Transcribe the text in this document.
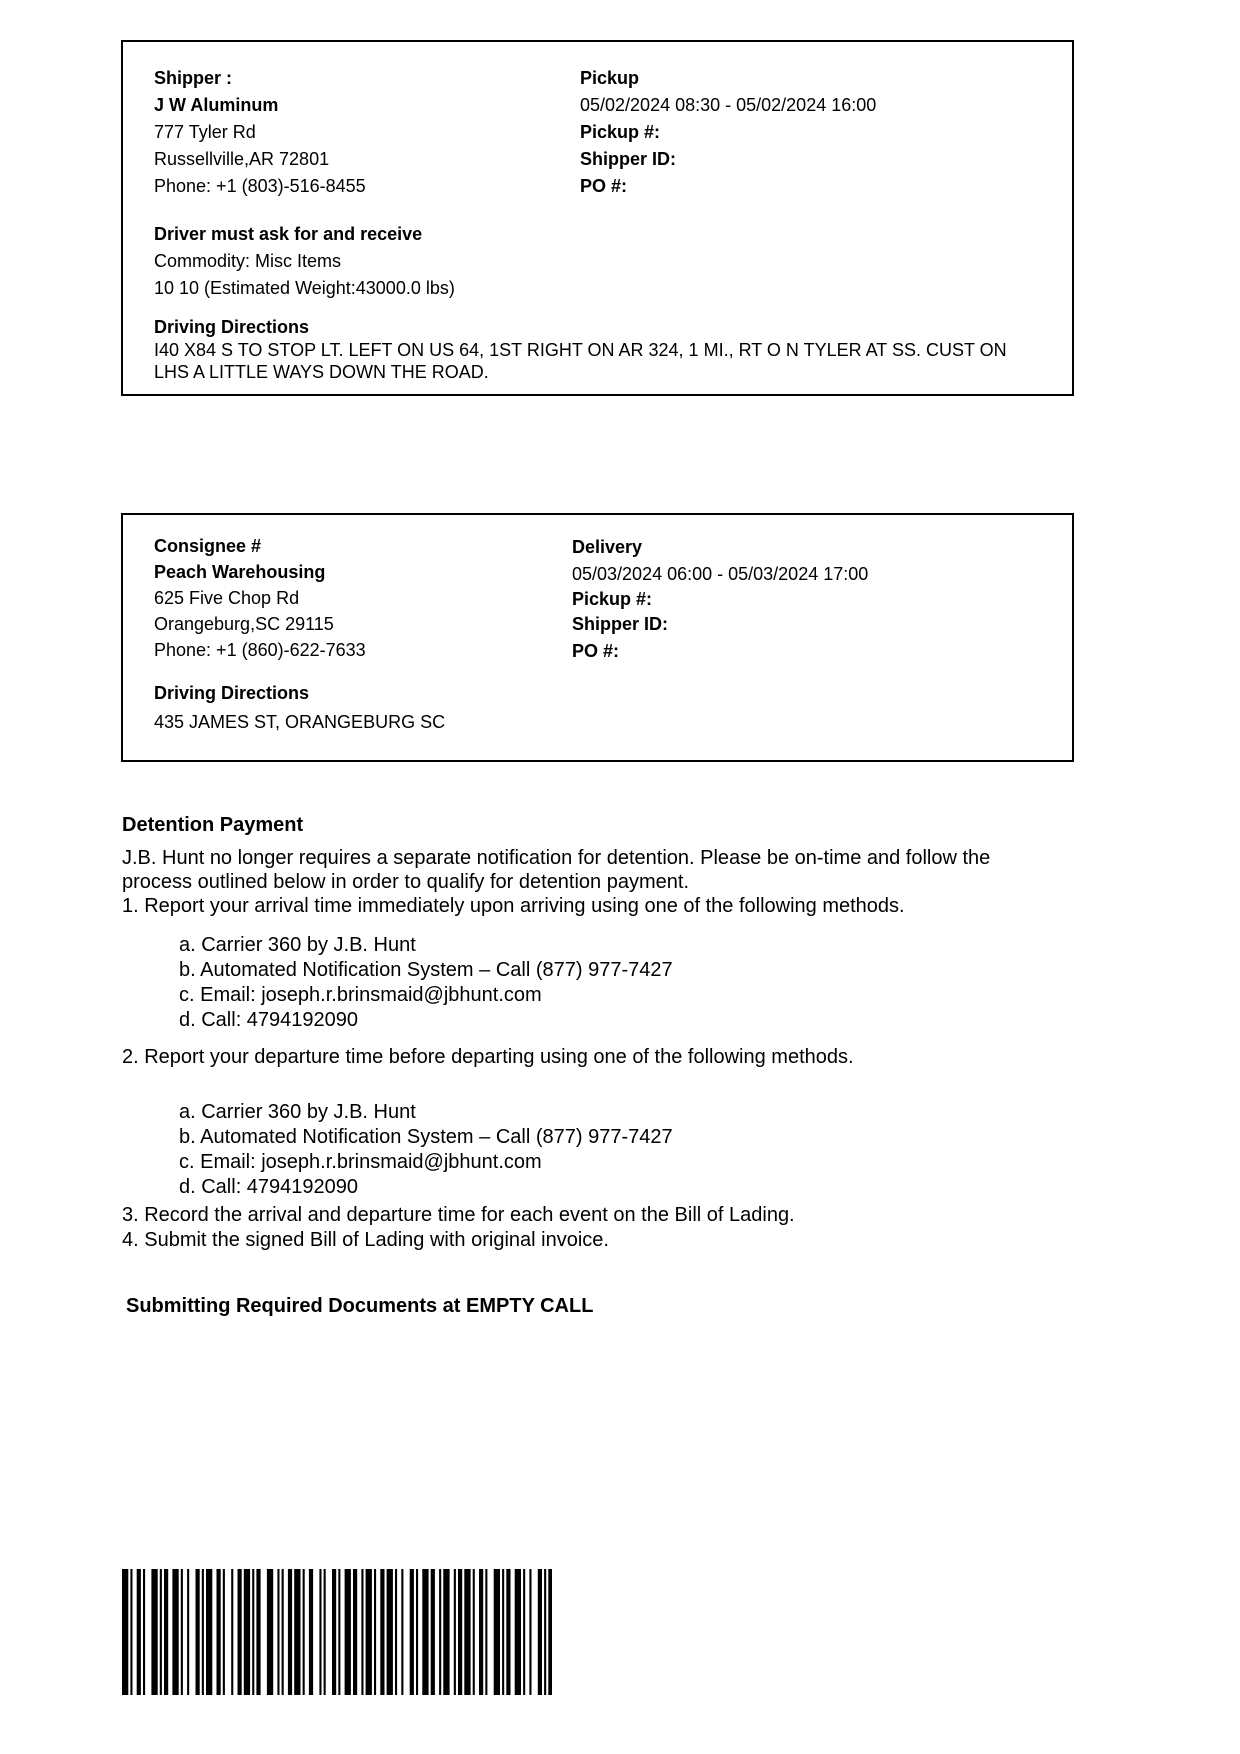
Shipper :
J W Aluminum
777 Tyler Rd
Russellville,AR 72801
Phone: +1 (803)-516-8455
Pickup
05/02/2024 08:30 - 05/02/2024 16:00
Pickup #:
Shipper ID:
PO #:
Driver must ask for and receive
Commodity: Misc Items
10 10 (Estimated Weight:43000.0 lbs)
Driving Directions
I40 X84 S TO STOP LT. LEFT ON US 64, 1ST RIGHT ON AR 324, 1 MI., RT O N TYLER AT SS. CUST ON
LHS A LITTLE WAYS DOWN THE ROAD.
Consignee #
Peach Warehousing
625 Five Chop Rd
Orangeburg,SC 29115
Phone: +1 (860)-622-7633
Delivery
05/03/2024 06:00 - 05/03/2024 17:00
Pickup #:
Shipper ID:
PO #:
Driving Directions
435 JAMES ST, ORANGEBURG SC
Detention Payment
J.B. Hunt no longer requires a separate notification for detention. Please be on-time and follow the
process outlined below in order to qualify for detention payment.
1. Report your arrival time immediately upon arriving using one of the following methods.
a. Carrier 360 by J.B. Hunt
b. Automated Notification System – Call (877) 977-7427
c. Email: joseph.r.brinsmaid@jbhunt.com
d. Call: 4794192090
2. Report your departure time before departing using one of the following methods.
a. Carrier 360 by J.B. Hunt
b. Automated Notification System – Call (877) 977-7427
c. Email: joseph.r.brinsmaid@jbhunt.com
d. Call: 4794192090
3. Record the arrival and departure time for each event on the Bill of Lading.
4. Submit the signed Bill of Lading with original invoice.
Submitting Required Documents at EMPTY CALL
